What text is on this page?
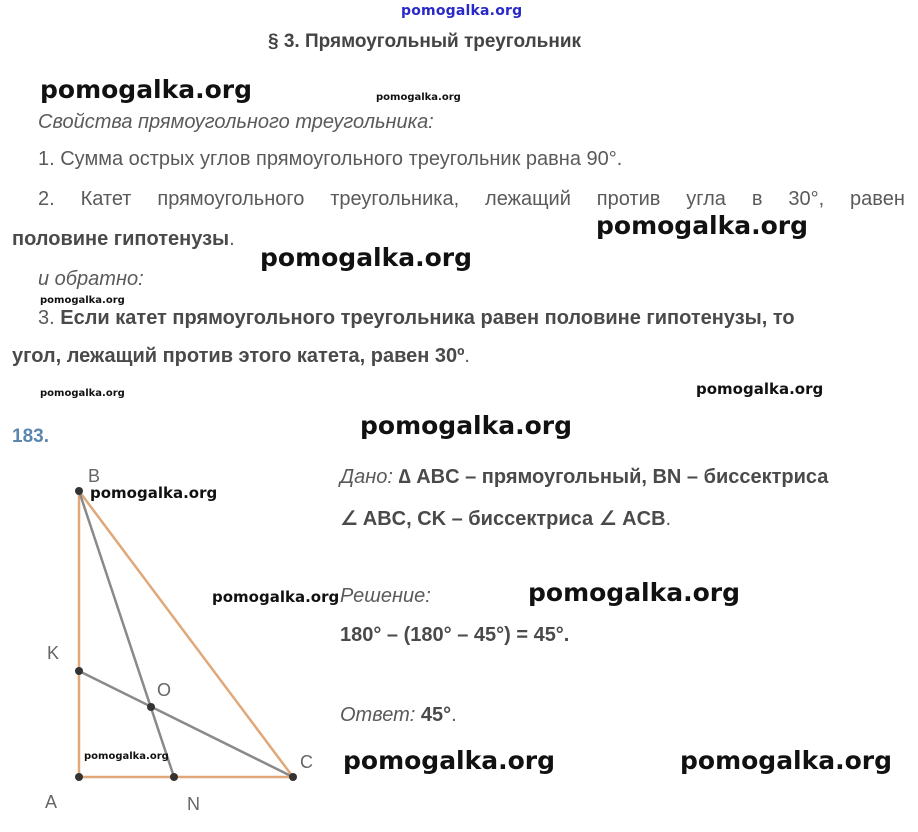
pomogalka.org
§ 3. Прямоугольный треугольник
pomogalka.org	pomogalka.org
Свойства прямоугольного треугольника:
1. Сумма острых углов прямоугольного треугольник равна 90°.
2. Катет прямоугольного треугольника, лежащий против угла в 30°, равен
половине гипотенузы.	pomogalka.org
pomogalka.org
и обратно:
pomogalka.org
3. Если катет прямоугольного треугольника равен половине гипотенузы, то
угол, лежащий против этого катета, равен 30º.
pomogalka.org	pomogalka.org
183.	pomogalka.org
B
K
O
C
A	N
pomogalka.org
pomogalka.org
pomogalka.org
Дано: ∆ ABC – прямоугольный, BN – биссектриса
∠ ABC, CK – биссектриса ∠ ACB.
Решение:	pomogalka.org
180° – (180° – 45°) = 45°.
Ответ: 45°.
pomogalka.org	pomogalka.org
